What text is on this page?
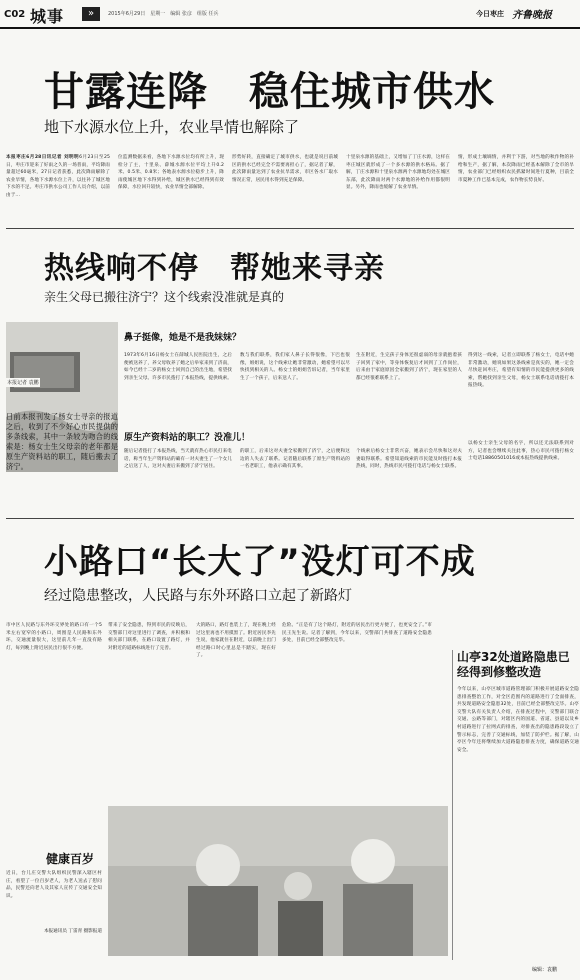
C02 城事	»	2015年6月29日　星期一　编辑 张彦　组版 任兵	今日枣庄 齐鲁晚报
甘露连降　稳住城市供水
地下水源水位上升，农业旱情也解除了
本报枣庄6月28日讯记者 刘明明6月23日至25日，枣庄市迎来了好雨之久的一场普雨，平均降雨量超过60毫米，27日记者获悉，此次降雨解除了农业旱情，各地下水源水位上升，以往补了城区地下水的不足。枣庄市供水公司工作人员介绍，以前由于...
位监测数据来看，各地下水源水位均有所上升，现检分了主，十里泉、薛城水源水位平均上升0.2米、0.5米、0.8米；各地表水源水位稳步上升，降雨使城区地下水得到补给，城区供水已经得到有效保障，水位回升较快，农业旱情全部解除。
形势好转，直接确定了城市供水，也就是说目前城区的供水已经完全不需要再担心了，据记者了解，此次降雨量达到了农业抗旱需求，市区各水厂取水情况正常，居民用水得到充足保障。
十里泉水源的基础上，又增加了丁庄水源，这样在枣庄城区就形成了一个多水源的供水格局。据了解，丁庄水源和十里泉水源两个水源地均处在城区东部，此次降雨对两个水源地的补给作用都很明显。另外，降雨也缓解了农业旱情。
情，形成土壤墒情，并利于下游，对当地的秋作物的补给和生产，据了解，本次降雨已经基本解除了全市的旱情，农业部门已经组织农民抓紧时间进行夏种，目前全市夏种工作已基本完成，农作物长势良好。
热线响不停　帮她来寻亲
亲生父母已搬往济宁？这个线索没准就是真的
本报记者 袁鹏
日前本报刊发了杨女士寻亲的报道之后，收到了不少好心市民提供的多条线索，其中一条较为吻合的线索是：杨女士生父母亲的老年都是原生产资料站的职工，随后搬去了济宁。
鼻子挺像，她是不是我妹妹？
1973年6月16日杨女士在薛城人民医院出生，之后便被送养了，养父母收养了她之后举家来到了济南，如今已经十二岁的杨女士回到自己的出生地，希望找到亲生父母。许多市民拨打了本报热线，提供线索。
数与我们联系，我们家人鼻子长得很像，下巴也很像，姐姐说，这个线索让她非常激动，她希望可以尽快找到相关的人。杨女士的姐姐告诉记者，当年家里生了一个孩子，后来送人了。
生在附近，生完孩子身体还很虚弱的母亲就抱着孩子回到了家中，等身体恢复后才回到了工作岗位，后来由于家庭原因全家搬到了济宁，现在家里的人都已经很难联系上了。
得到这一线索，记者立即联系了杨女士，电话中她非常激动，她说如果这条线索是真实的，她一定会尽快赶回枣庄，希望有知情的市民能提供更多的线索，帮她找到亲生父母，杨女士联系电话请拨打本报热线。
原生产资料站的职工？没准儿！
随后记者拨打了本报热线，当天就有热心市民打来电话，称当年生产资料站的确有一对夫妻生了一个女儿之后送了人，这对夫妻后来搬到了济宁居住。
的职工，后来这对夫妻全家搬到了济宁，之后便和这边的人失去了联系。记者随后联系了原生产资料站的一名老职工，他表示确有其事。
个线索后杨女士非常兴奋，她表示会尽快和这对夫妻取得联系。希望知道线索的市民能及时拨打本报热线，同时，热线市民可拨打电话与杨女士联系。
以杨女士亲生父母的名字，所以还无法联系到对方，记者也会继续关注此事，热心市民可拨打杨女士电话18860501016或本报热线提供线索。
小路口“长大了”没灯可不成
经过隐患整改，人民路与东外环路口立起了新路灯
市中区人民路与东外环交界处的路口有一个5米左右宽窄的小路口，周围是人民路和东外环，交通流量很大，这里前几年一直没有路灯，每到晚上附近居民出行很不方便。
带来了安全隐患，得到市民的反映后，交警部门对这里进行了调查，并积极和相关部门联系，在路口设置了路灯，并对附近的道路标线进行了完善。
大的路口，路灯也装上了，现在晚上经过这里再也不用摸黑了。附近居民李先生说，他家就住在附近，以前晚上出门经过路口时心里总是不踏实，现在好了。
危险。“正是有了这个路灯，附近的居民出行更方便了，也更安全了。”市民王先生说。记者了解到，今年以来，交警部门共排查了道路安全隐患多处，目前已经全部整改完毕。
山亭32处道路隐患已经得到修整改造
今年以来，山亭区城市道路管理部门积极开展道路安全隐患排查整治工作，对全区范围内的道路进行了全面排查，共发现道路安全隐患32处，目前已经全部整改完毕。山亭交警大队有关负责人介绍，在排查过程中，交警部门联合交通、公路等部门，对辖区内的国道、省道、县道以及乡村道路进行了拉网式的排查，对排查出的隐患路段设立了警示标志，完善了交通标线，加装了防护栏。据了解，山亭区今年还将继续加大道路隐患排查力度，确保道路交通安全。
健康百岁
近日，台儿庄交警大队组织民警深入辖区村庄，看望了一位百岁老人，为老人送去了慰问品，民警还向老人及其家人宣传了交通安全知识。
本报通讯员 丁雷青 摄影报道
编辑：袁鹏
